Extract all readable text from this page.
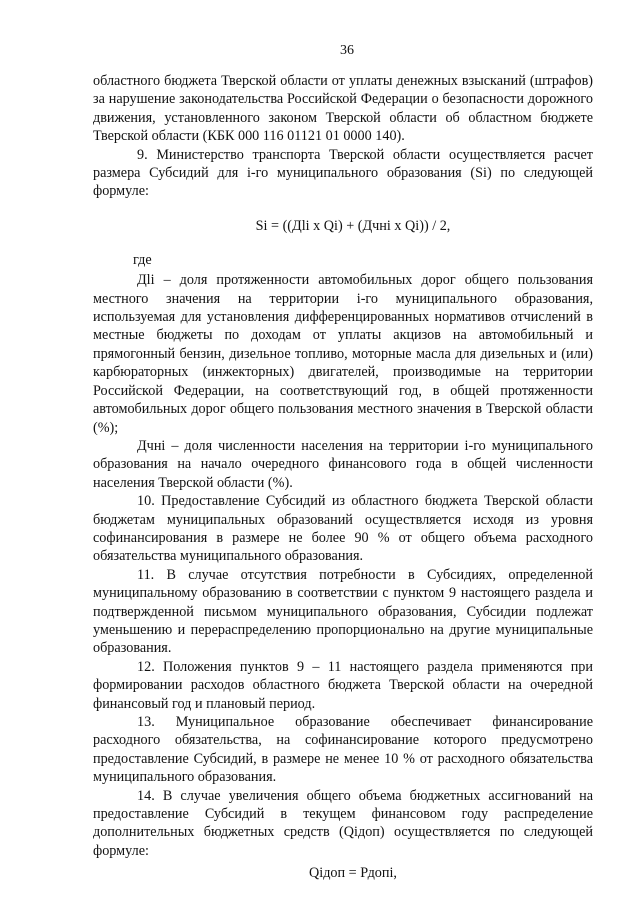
36

областного бюджета Тверской области от уплаты денежных взысканий (штрафов) за нарушение законодательства Российской Федерации о безопасности дорожного движения, установленного законом Тверской области об областном бюджете Тверской области (КБК 000 116 01121 01 0000 140).

9. Министерство транспорта Тверской области осуществляется расчет размера Субсидий для i-го муниципального образования (Si) по следующей формуле:

Si = ((Дli x Qi) + (Дчнi x Qi)) / 2,
где

Дli – доля протяженности автомобильных дорог общего пользования местного значения на территории i-го муниципального образования, используемая для установления дифференцированных нормативов отчислений в местные бюджеты по доходам от уплаты акцизов на автомобильный и прямогонный бензин, дизельное топливо, моторные масла для дизельных и (или) карбюраторных (инжекторных) двигателей, производимые на территории Российской Федерации, на соответствующий год, в общей протяженности автомобильных дорог общего пользования местного значения в Тверской области (%);

Дчнi – доля численности населения на территории i-го муниципального образования на начало очередного финансового года в общей численности населения Тверской области (%).

10. Предоставление Субсидий из областного бюджета Тверской области бюджетам муниципальных образований осуществляется исходя из уровня софинансирования в размере не более 90 % от общего объема расходного обязательства муниципального образования.

11. В случае отсутствия потребности в Субсидиях, определенной муниципальному образованию в соответствии с пунктом 9 настоящего раздела и подтвержденной письмом муниципального образования, Субсидии подлежат уменьшению и перераспределению пропорционально на другие муниципальные образования.

12. Положения пунктов 9 – 11 настоящего раздела применяются при формировании расходов областного бюджета Тверской области на очередной финансовый год и плановый период.

13. Муниципальное образование обеспечивает финансирование расходного обязательства, на софинансирование которого предусмотрено предоставление Субсидий, в размере не менее 10 % от расходного обязательства муниципального образования.

14. В случае увеличения общего объема бюджетных ассигнований на предоставление Субсидий в текущем финансовом году распределение дополнительных бюджетных средств (Qiдоп) осуществляется по следующей формуле:

Qiдоп = Рдопi,
